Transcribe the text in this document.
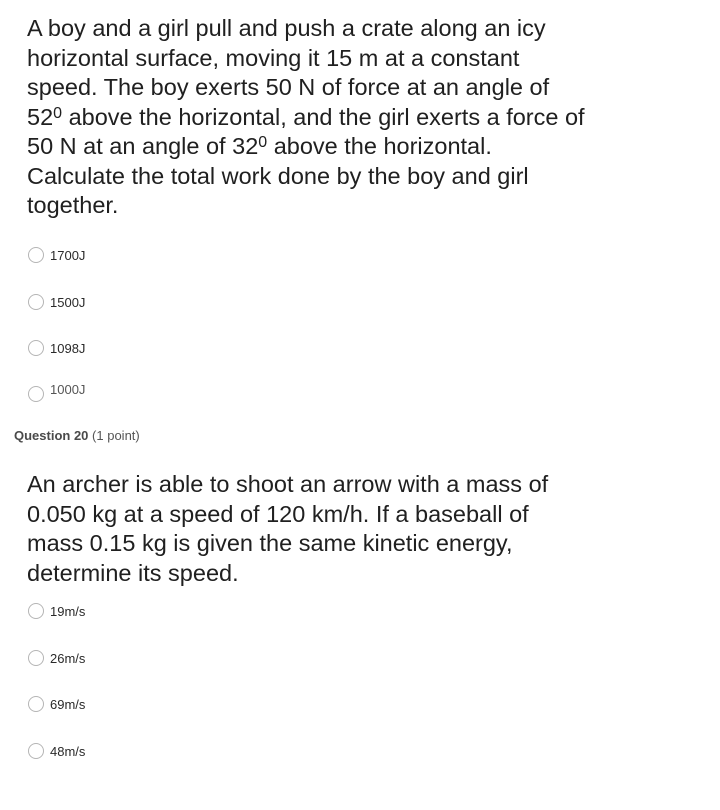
A boy and a girl pull and push a crate along an icy horizontal surface, moving it 15 m at a constant speed. The boy exerts 50 N of force at an angle of $52^0$ above the horizontal, and the girl exerts a force of 50 N at an angle of $32^0$ above the horizontal. Calculate the total work done by the boy and girl together.

1700J
1500J
1098J
1000J
Question 20 (1 point)

An archer is able to shoot an arrow with a mass of 0.050 kg at a speed of 120 km/h. If a baseball of mass 0.15 kg is given the same kinetic energy, determine its speed.

19m/s
26m/s
69m/s
48m/s
